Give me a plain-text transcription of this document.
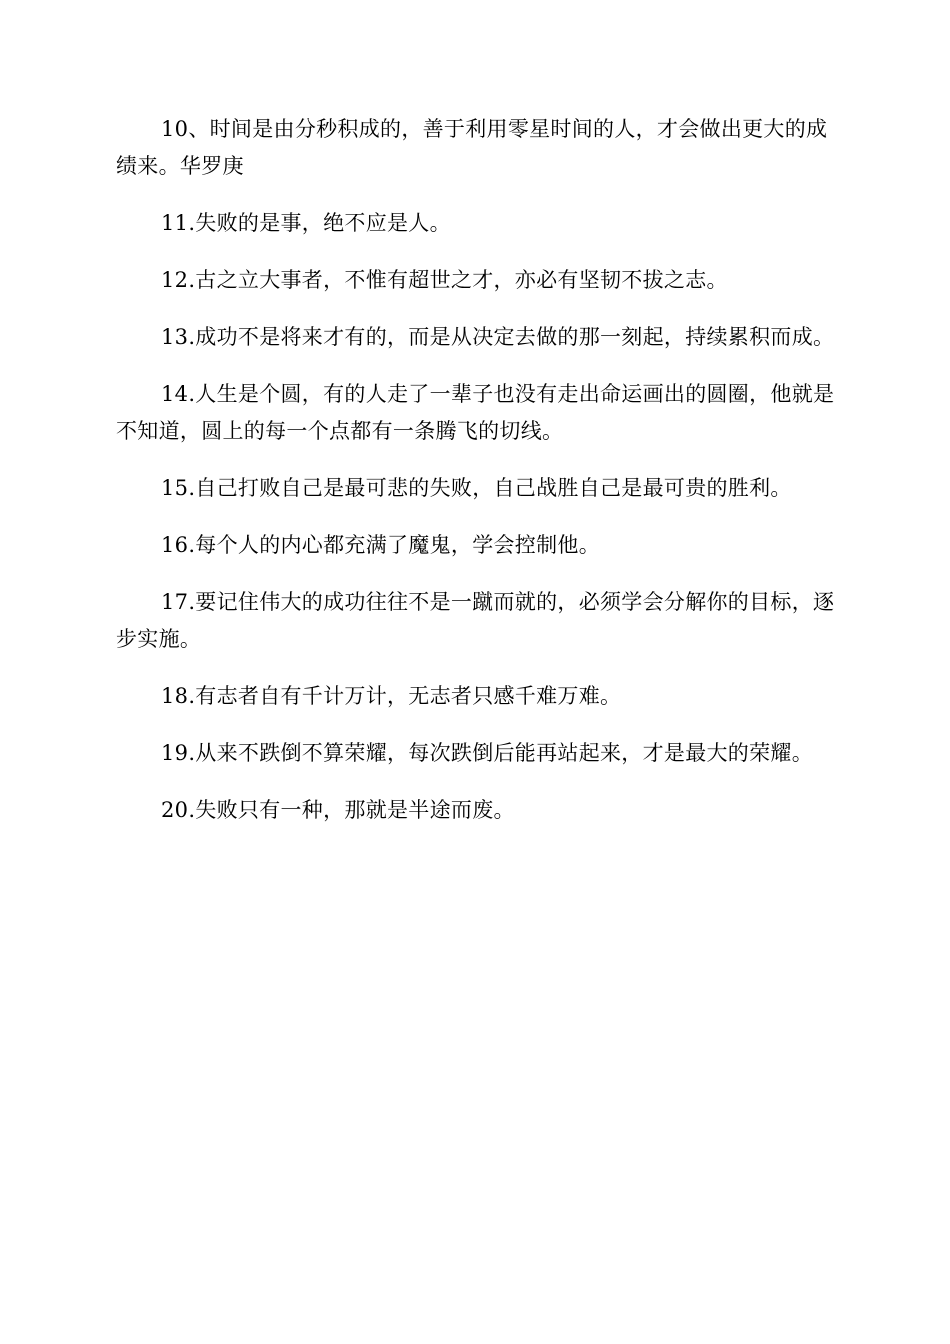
10、时间是由分秒积成的，善于利用零星时间的人，才会做出更大的成绩来。华罗庚

11.失败的是事，绝不应是人。

12.古之立大事者，不惟有超世之才，亦必有坚韧不拔之志。

13.成功不是将来才有的，而是从决定去做的那一刻起，持续累积而成。

14.人生是个圆，有的人走了一辈子也没有走出命运画出的圆圈，他就是不知道，圆上的每一个点都有一条腾飞的切线。

15.自己打败自己是最可悲的失败，自己战胜自己是最可贵的胜利。

16.每个人的内心都充满了魔鬼，学会控制他。

17.要记住伟大的成功往往不是一蹴而就的，必须学会分解你的目标，逐步实施。

18.有志者自有千计万计，无志者只感千难万难。

19.从来不跌倒不算荣耀，每次跌倒后能再站起来，才是最大的荣耀。

20.失败只有一种，那就是半途而废。
